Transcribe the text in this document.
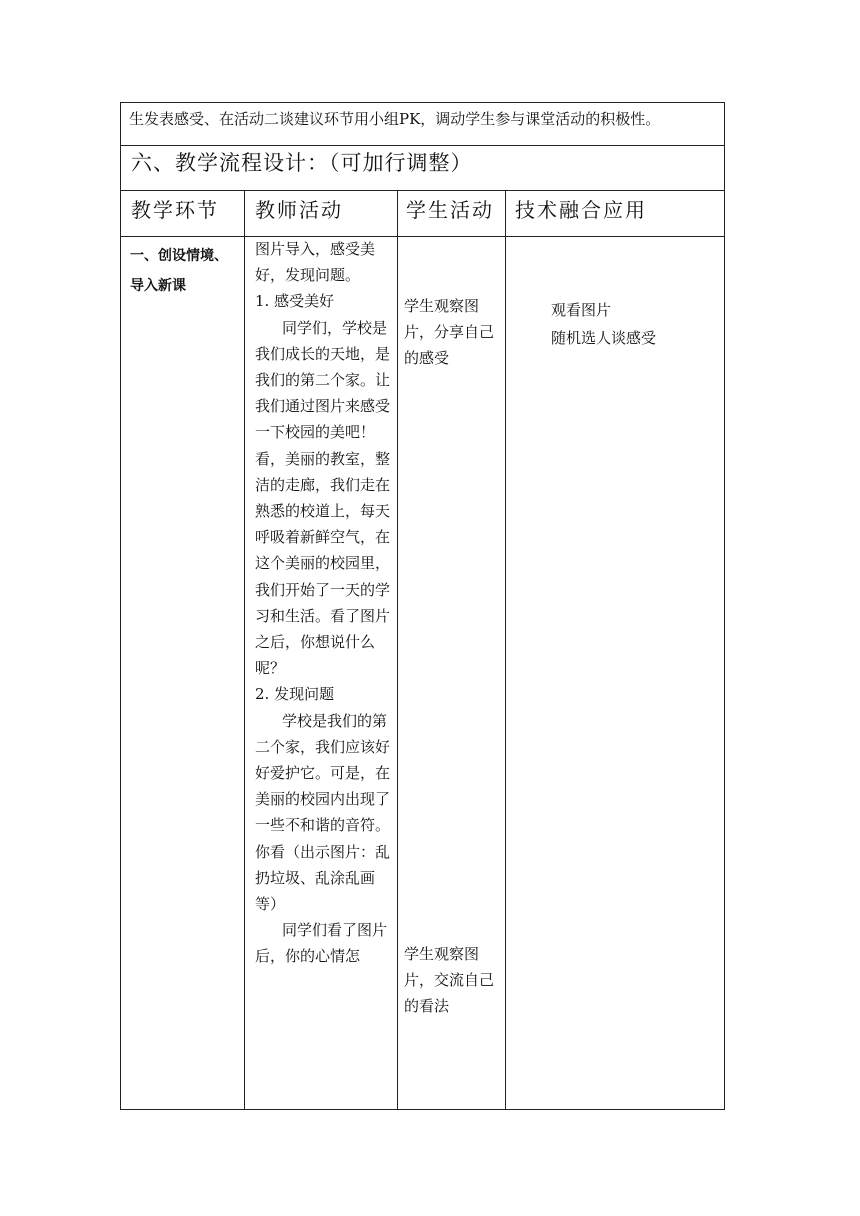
生发表感受、在活动二谈建议环节用小组PK，调动学生参与课堂活动的积极性。
六、教学流程设计：（可加行调整）
教学环节 教师活动	学生活动 技术融合应用
一、创设情境、
导入新课

图片导入，感受美好，发现问题。

1. 感受美好

同学们，学校是我们成长的天地，是我们的第二个家。让我们通过图片来感受一下校园的美吧！看，美丽的教室，整洁的走廊，我们走在熟悉的校道上，每天呼吸着新鲜空气，在这个美丽的校园里，我们开始了一天的学习和生活。看了图片之后，你想说什么呢？

2. 发现问题

学校是我们的第二个家，我们应该好好爱护它。可是，在美丽的校园内出现了一些不和谐的音符。你看（出示图片：乱扔垃圾、乱涂乱画等）

同学们看了图片后，你的心情怎

学生观察图片，分享自己的感受
学生观察图片，交流自己的看法
观看图片
随机选人谈感受
